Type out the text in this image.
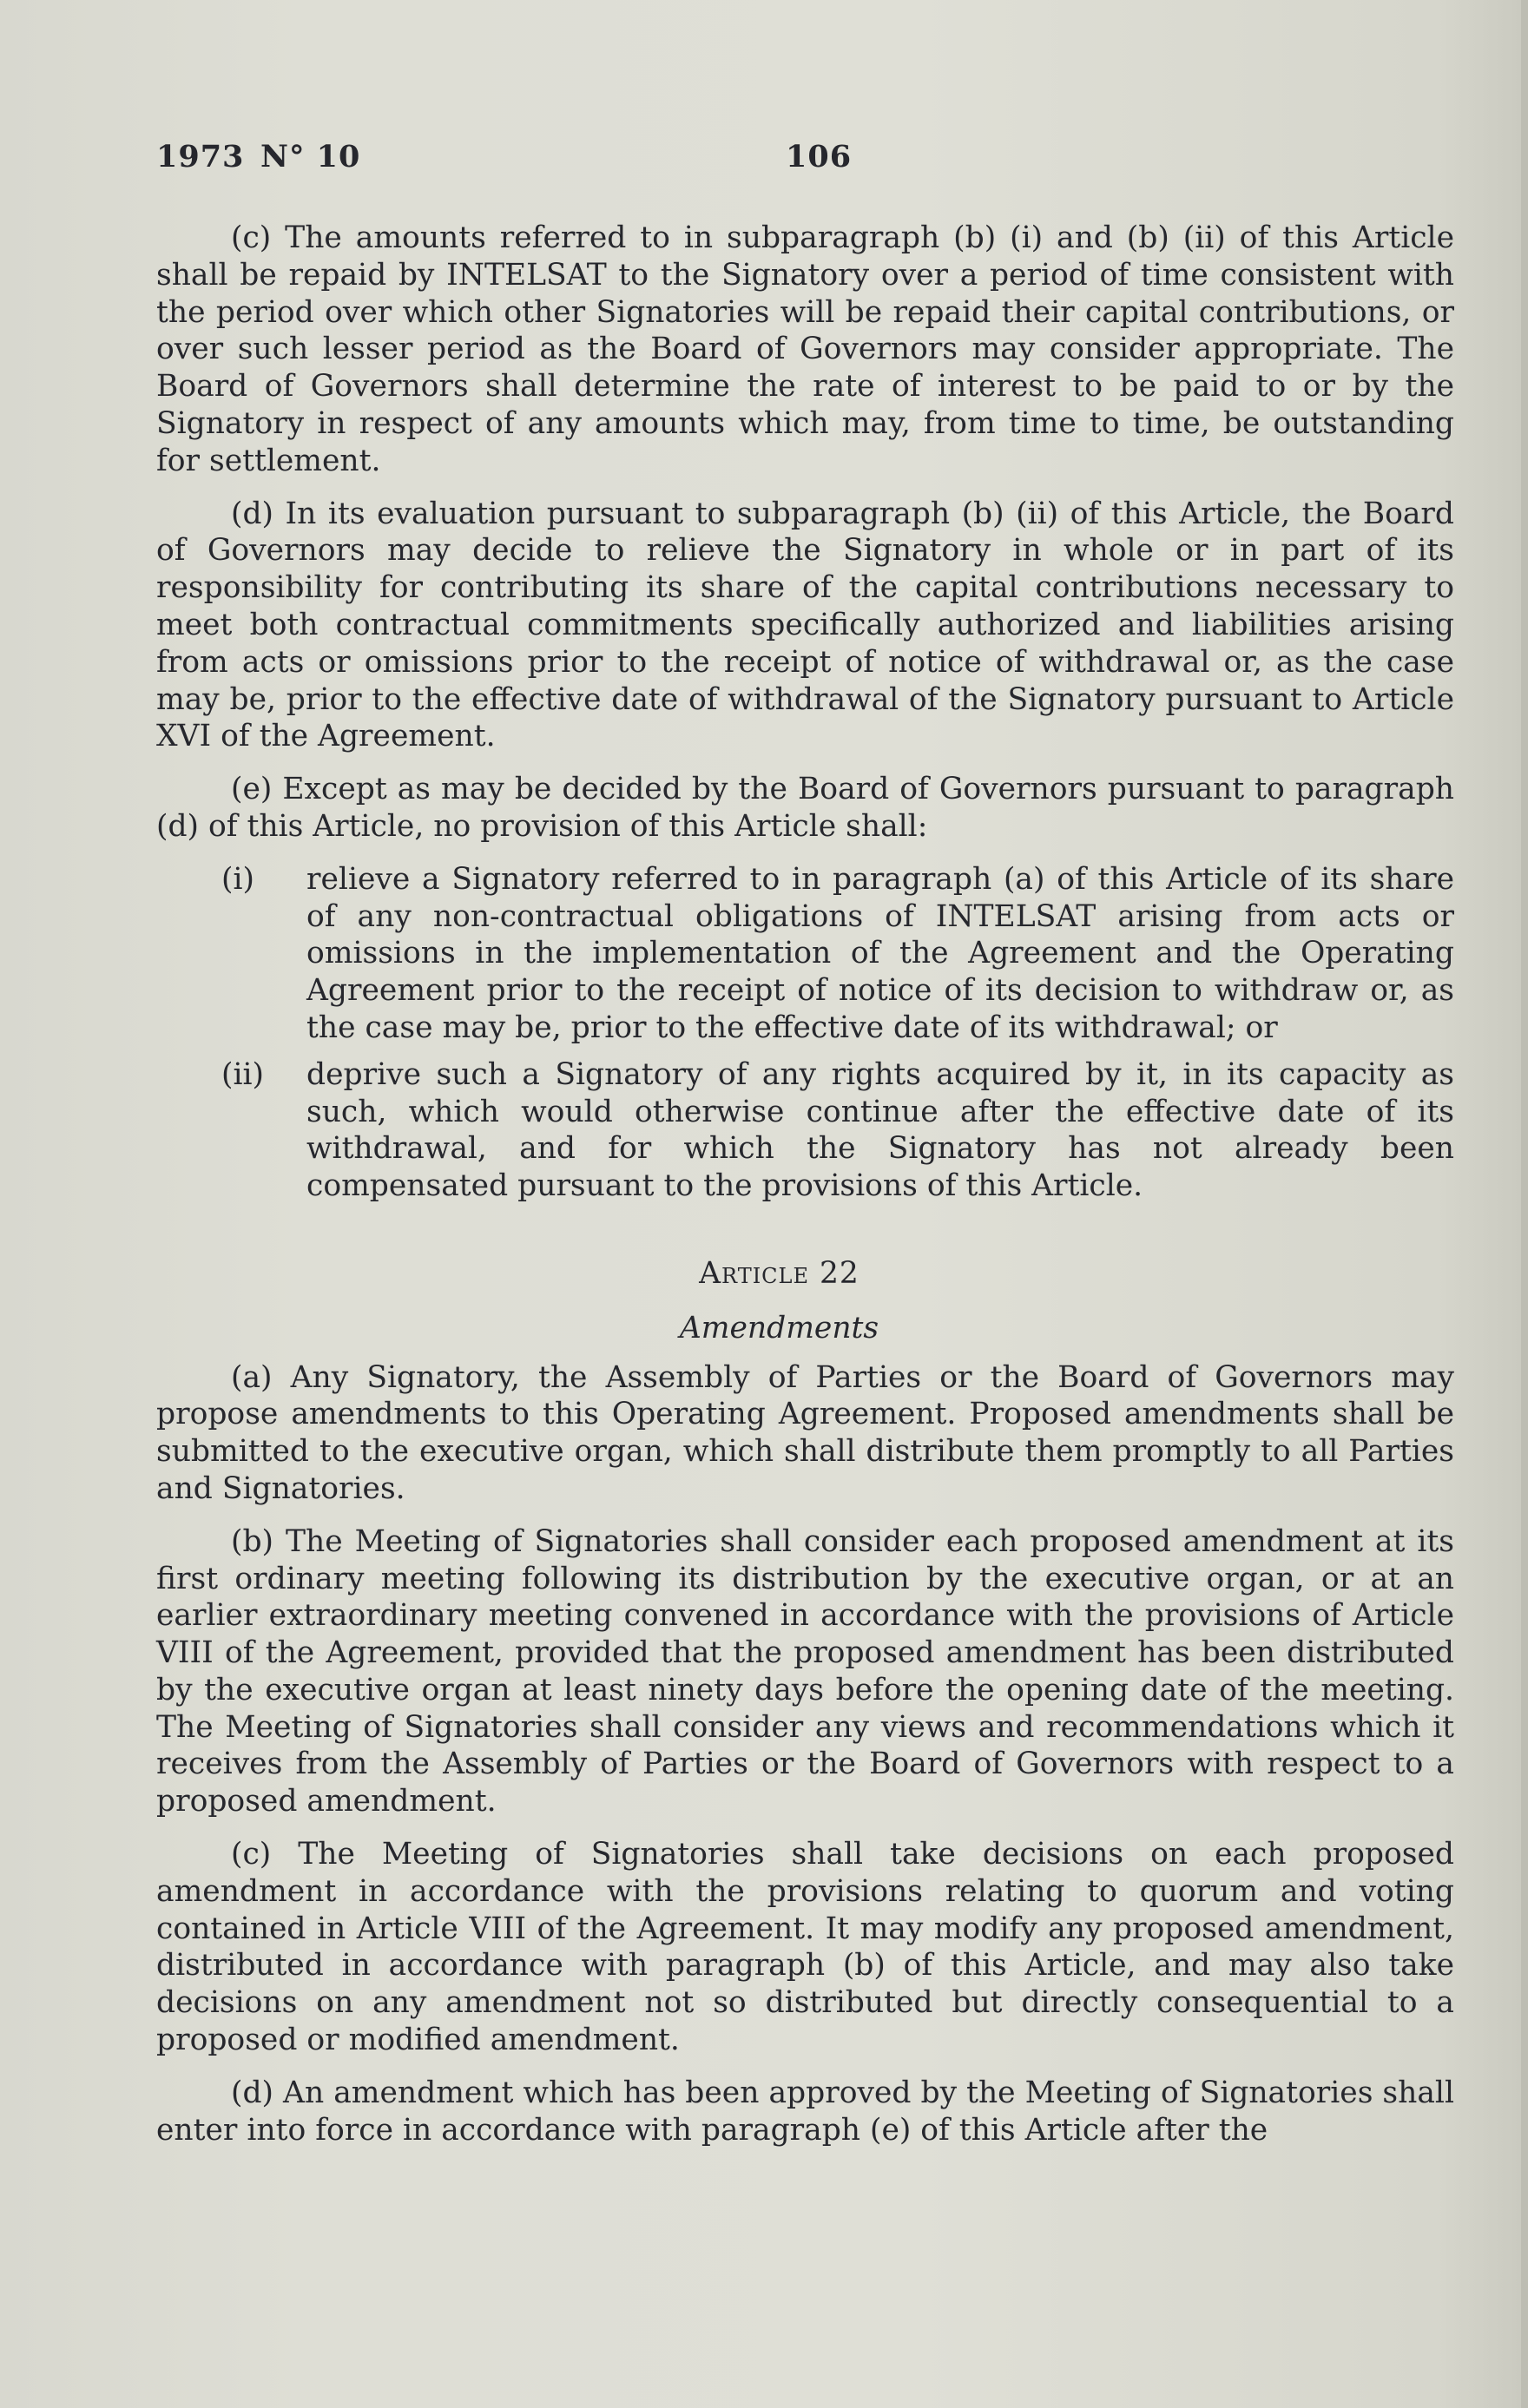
1973 N° 10	106

(c) The amounts referred to in subparagraph (b) (i) and (b) (ii) of this Article shall be repaid by INTELSAT to the Signatory over a period of time consistent with the period over which other Signatories will be repaid their capital contributions, or over such lesser period as the Board of Governors may consider appropriate. The Board of Governors shall determine the rate of interest to be paid to or by the Signatory in respect of any amounts which may, from time to time, be outstanding for settlement.

(d) In its evaluation pursuant to subparagraph (b) (ii) of this Article, the Board of Governors may decide to relieve the Signatory in whole or in part of its responsibility for contributing its share of the capital contributions necessary to meet both contractual commitments specifically authorized and liabilities arising from acts or omissions prior to the receipt of notice of withdrawal or, as the case may be, prior to the effective date of withdrawal of the Signatory pursuant to Article XVI of the Agreement.

(e) Except as may be decided by the Board of Governors pursuant to paragraph (d) of this Article, no provision of this Article shall:

(i)	relieve a Signatory referred to in paragraph (a) of this Article of its share of any non-contractual obligations of INTELSAT arising from acts or omissions in the implementation of the Agreement and the Operating Agreement prior to the receipt of notice of its decision to withdraw or, as the case may be, prior to the effective date of its withdrawal; or
(ii)	deprive such a Signatory of any rights acquired by it, in its capacity as such, which would otherwise continue after the effective date of its withdrawal, and for which the Signatory has not already been compensated pursuant to the provisions of this Article.

Article 22

Amendments

(a) Any Signatory, the Assembly of Parties or the Board of Governors may propose amendments to this Operating Agreement. Proposed amendments shall be submitted to the executive organ, which shall distribute them promptly to all Parties and Signatories.

(b) The Meeting of Signatories shall consider each proposed amendment at its first ordinary meeting following its distribution by the executive organ, or at an earlier extraordinary meeting convened in accordance with the provisions of Article VIII of the Agreement, provided that the proposed amendment has been distributed by the executive organ at least ninety days before the opening date of the meeting. The Meeting of Signatories shall consider any views and recommendations which it receives from the Assembly of Parties or the Board of Governors with respect to a proposed amendment.

(c) The Meeting of Signatories shall take decisions on each proposed amendment in accordance with the provisions relating to quorum and voting contained in Article VIII of the Agreement. It may modify any proposed amendment, distributed in accordance with paragraph (b) of this Article, and may also take decisions on any amendment not so distributed but directly consequential to a proposed or modified amendment.

(d) An amendment which has been approved by the Meeting of Signatories shall enter into force in accordance with paragraph (e) of this Article after the
